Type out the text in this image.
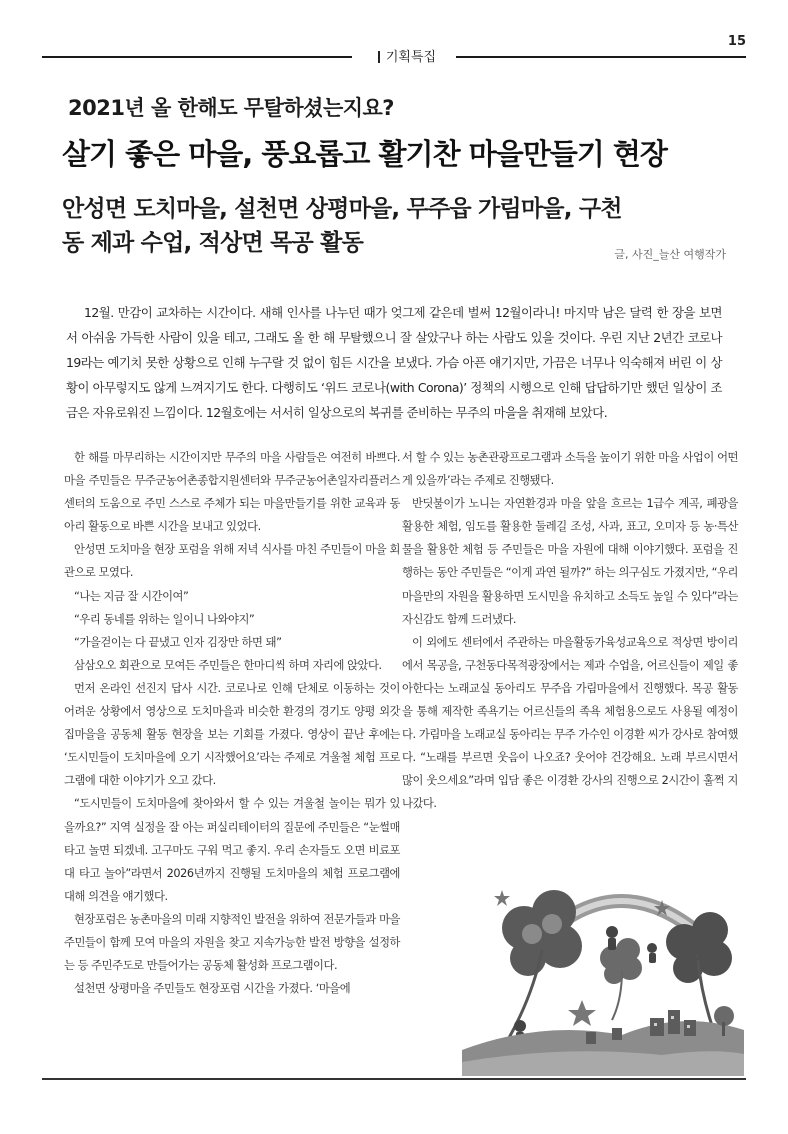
15
기획특집
2021년 올 한해도 무탈하셨는지요?
살기 좋은 마을, 풍요롭고 활기찬 마을만들기 현장
안성면 도치마을, 설천면 상평마을, 무주읍 가림마을, 구천동 제과 수업, 적상면 목공 활동	글, 사진_늘산 여행작가

12월. 만감이 교차하는 시간이다. 새해 인사를 나누던 때가 엊그제 같은데 벌써 12월이라니! 마지막 남은 달력 한 장을 보면서 아쉬움 가득한 사람이 있을 테고, 그래도 올 한 해 무탈했으니 잘 살았구나 하는 사람도 있을 것이다. 우린 지난 2년간 코로나19라는 예기치 못한 상황으로 인해 누구랄 것 없이 힘든 시간을 보냈다. 가슴 아픈 얘기지만, 가끔은 너무나 익숙해져 버린 이 상황이 아무렇지도 않게 느껴지기도 한다. 다행히도 ‘위드 코로나(with Corona)’ 정책의 시행으로 인해 답답하기만 했던 일상이 조금은 자유로워진 느낌이다. 12월호에는 서서히 일상으로의 복귀를 준비하는 무주의 마을을 취재해 보았다.

한 해를 마무리하는 시간이지만 무주의 마을 사람들은 여전히 바쁘다. 마을 주민들은 무주군농어촌종합지원센터와 무주군농어촌일자리플러스센터의 도움으로 주민 스스로 주체가 되는 마을만들기를 위한 교육과 동아리 활동으로 바쁜 시간을 보내고 있었다.

안성면 도치마을 현장 포럼을 위해 저녁 식사를 마친 주민들이 마을 회관으로 모였다.

“나는 지금 잘 시간이여”

“우리 동네를 위하는 일이니 나와야지”

“가을걷이는 다 끝냈고 인자 김장만 하면 돼”

삼삼오오 회관으로 모여든 주민들은 한마디씩 하며 자리에 앉았다.

먼저 온라인 선진지 답사 시간. 코로나로 인해 단체로 이동하는 것이 어려운 상황에서 영상으로 도치마을과 비슷한 환경의 경기도 양평 외갓집마을을 공동체 활동 현장을 보는 기회를 가졌다. 영상이 끝난 후에는 ‘도시민들이 도치마을에 오기 시작했어요’라는 주제로 겨울철 체험 프로그램에 대한 이야기가 오고 갔다.

“도시민들이 도치마을에 찾아와서 할 수 있는 겨울철 놀이는 뭐가 있을까요?” 지역 실정을 잘 아는 퍼실리테이터의 질문에 주민들은 “눈썰매 타고 놀면 되겠네. 고구마도 구워 먹고 좋지. 우리 손자들도 오면 비료포대 타고 놀아”라면서 2026년까지 진행될 도치마을의 체험 프로그램에 대해 의견을 얘기했다.

현장포럼은 농촌마을의 미래 지향적인 발전을 위하여 전문가들과 마을 주민들이 함께 모여 마을의 자원을 찾고 지속가능한 발전 방향을 설정하는 등 주민주도로 만들어가는 공동체 활성화 프로그램이다.

설천면 상평마을 주민들도 현장포럼 시간을 가졌다. ‘마을에

서 할 수 있는 농촌관광프로그램과 소득을 높이기 위한 마을 사업이 어떤 게 있을까’라는 주제로 진행됐다.

반딧불이가 노니는 자연환경과 마을 앞을 흐르는 1급수 계곡, 폐광을 활용한 체험, 임도를 활용한 둘레길 조성, 사과, 표고, 오미자 등 농·특산물을 활용한 체험 등 주민들은 마을 자원에 대해 이야기했다. 포럼을 진행하는 동안 주민들은 “이게 과연 될까?” 하는 의구심도 가졌지만, “우리 마을만의 자원을 활용하면 도시민을 유치하고 소득도 높일 수 있다”라는 자신감도 함께 드러냈다.

이 외에도 센터에서 주관하는 마을활동가육성교육으로 적상면 방이리에서 목공을, 구천동다목적광장에서는 제과 수업을, 어르신들이 제일 좋아한다는 노래교실 동아리도 무주읍 가림마을에서 진행했다. 목공 활동을 통해 제작한 족욕기는 어르신들의 족욕 체험용으로도 사용될 예정이다. 가림마을 노래교실 동아리는 무주 가수인 이경환 씨가 강사로 참여했다. “노래를 부르면 웃음이 나오죠? 웃어야 건강해요. 노래 부르시면서 많이 웃으세요”라며 입담 좋은 이경환 강사의 진행으로 2시간이 훌쩍 지나갔다.
